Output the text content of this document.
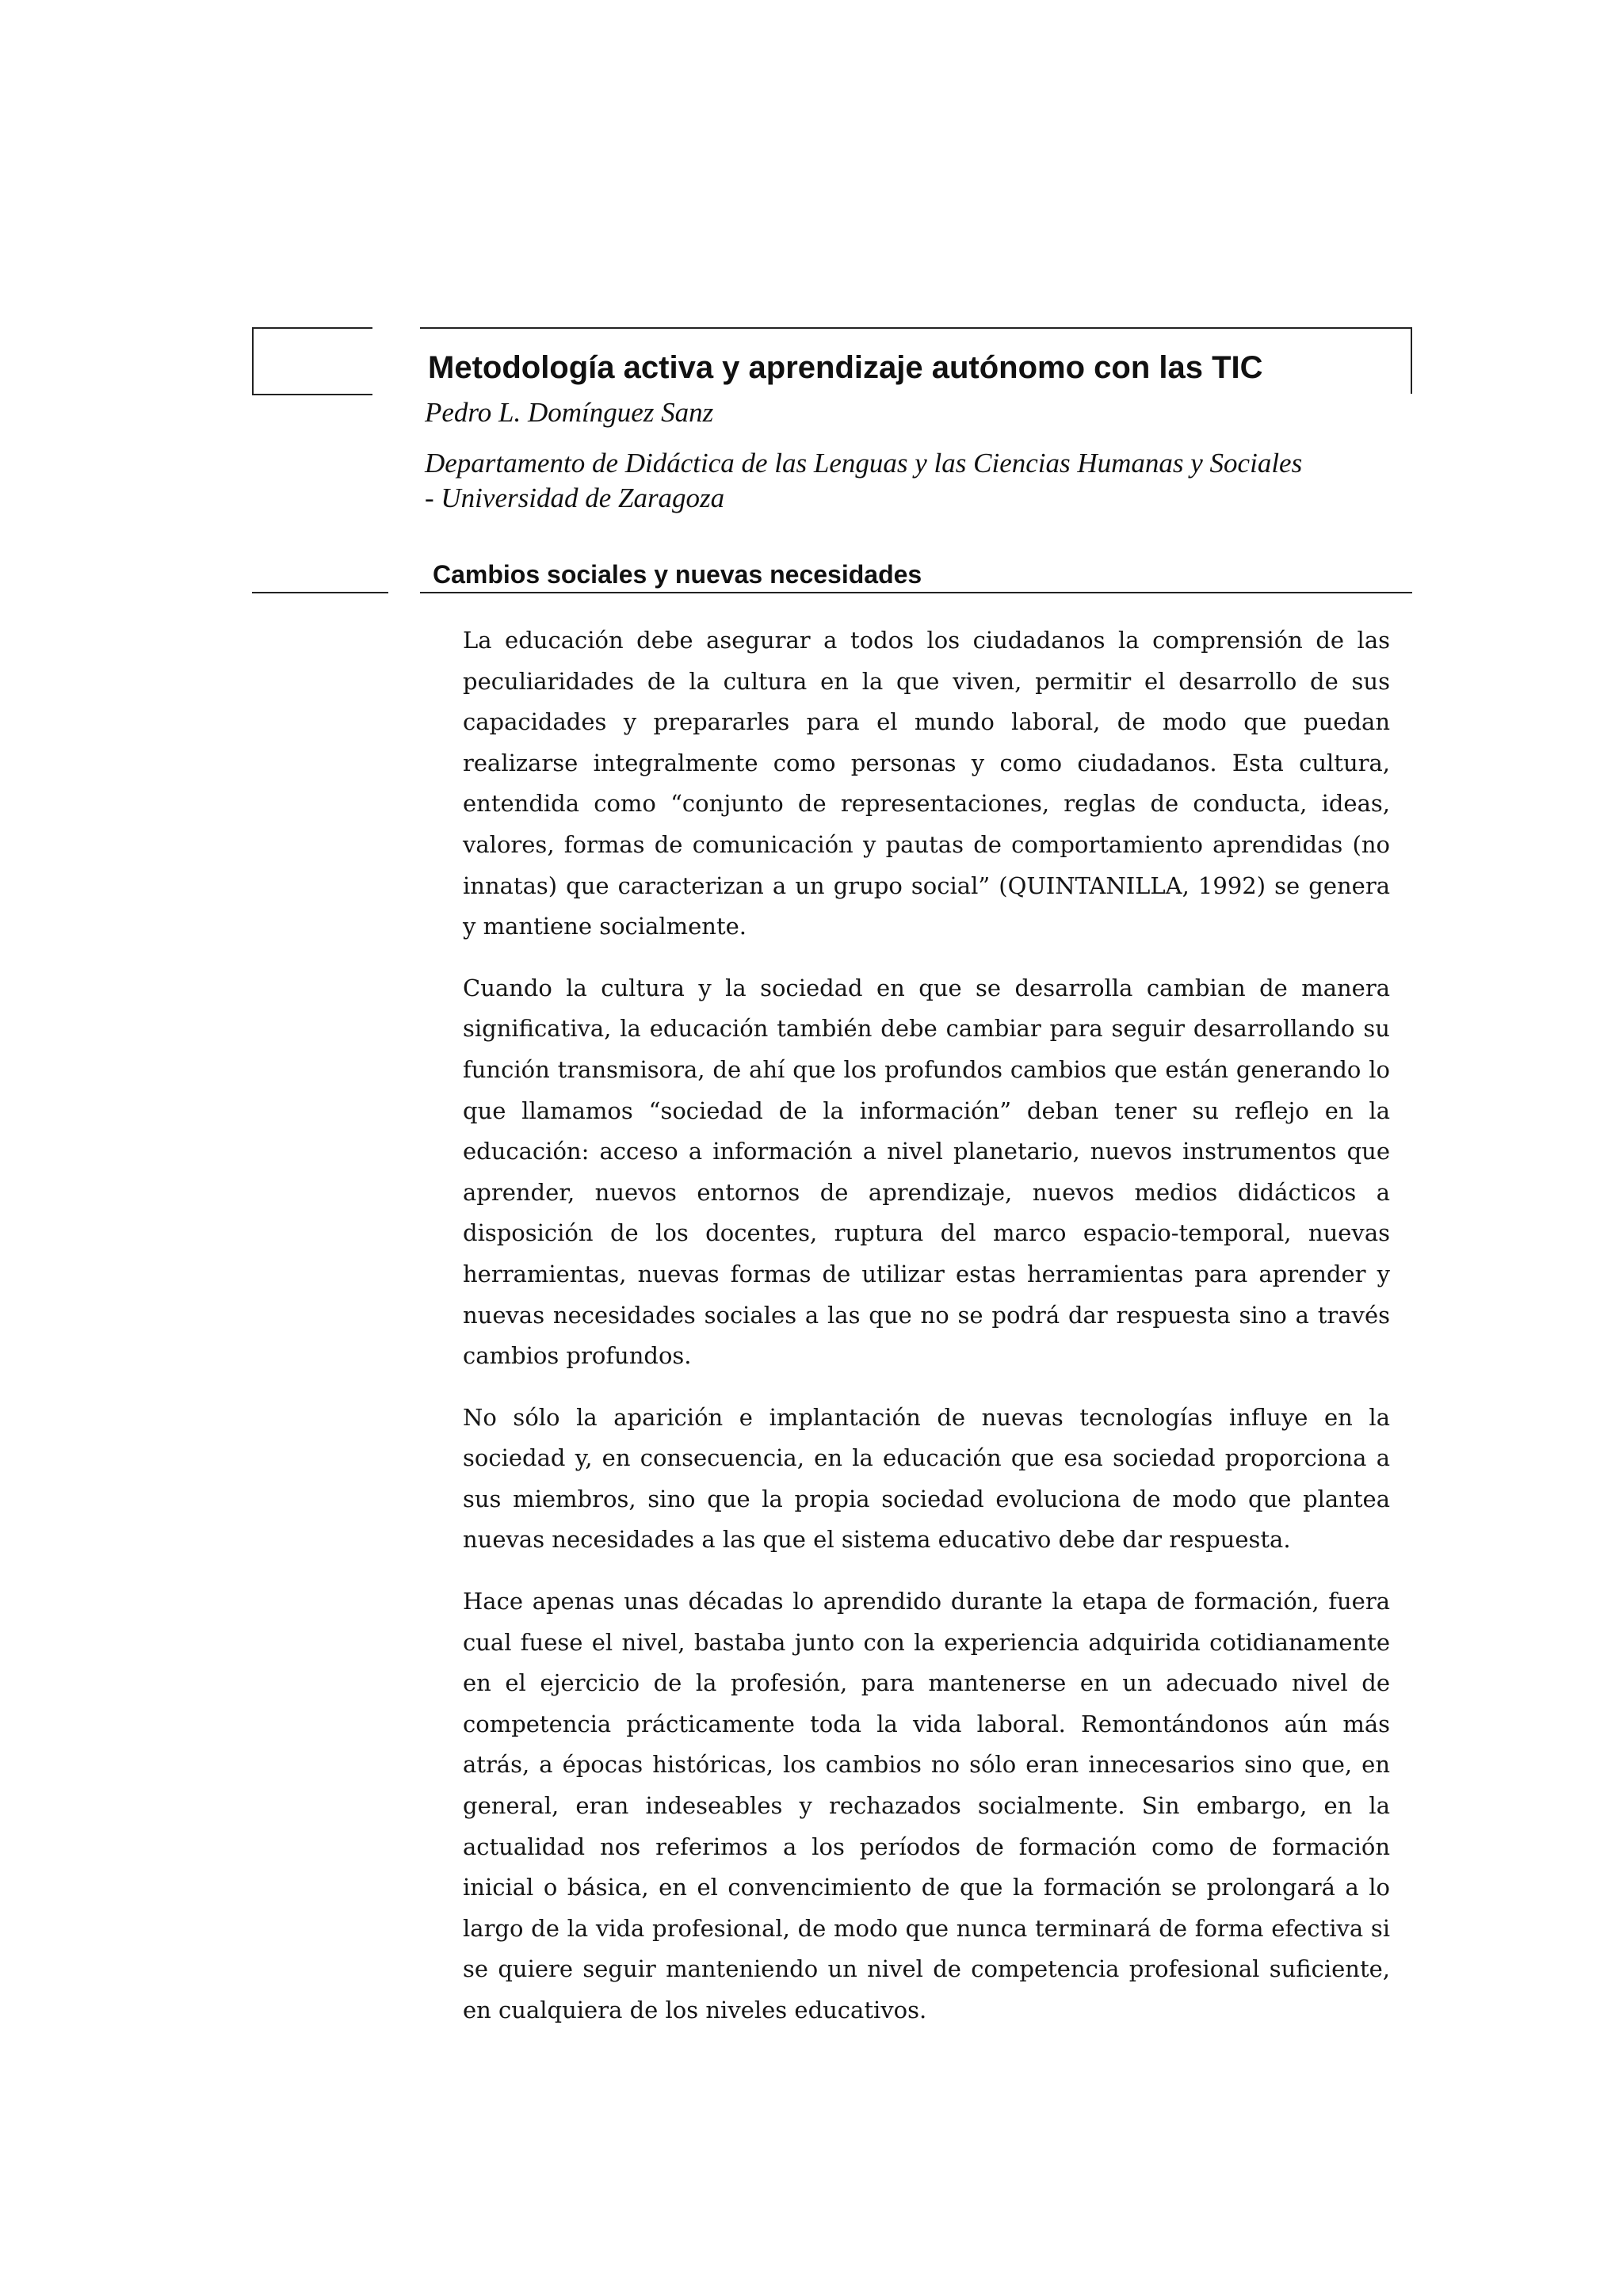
Metodología activa y aprendizaje autónomo con las TIC

Pedro L. Domínguez Sanz

Departamento de Didáctica de las Lenguas y las Ciencias Humanas y Sociales
- Universidad de Zaragoza

Cambios sociales y nuevas necesidades

La educación debe asegurar a todos los ciudadanos la comprensión de las peculiaridades de la cultura en la que viven, permitir el desarrollo de sus capacidades y prepararles para el mundo laboral, de modo que puedan realizarse integralmente como personas y como ciudadanos. Esta cultura, entendida como “conjunto de representaciones, reglas de conducta, ideas, valores, formas de comunicación y pautas de comportamiento aprendidas (no innatas) que caracterizan a un grupo social” (QUINTANILLA, 1992) se genera y mantiene socialmente.

Cuando la cultura y la sociedad en que se desarrolla cambian de manera significativa, la educación también debe cambiar para seguir desarrollando su función transmisora, de ahí que los profundos cambios que están generando lo que llamamos “sociedad de la información” deban tener su reflejo en la educación: acceso a información a nivel planetario, nuevos instrumentos que aprender, nuevos entornos de aprendizaje, nuevos medios didácticos a disposición de los docentes, ruptura del marco espacio-temporal, nuevas herramientas, nuevas formas de utilizar estas herramientas para aprender y nuevas necesidades sociales a las que no se podrá dar respuesta sino a través cambios profundos.

No sólo la aparición e implantación de nuevas tecnologías influye en la sociedad y, en consecuencia, en la educación que esa sociedad proporciona a sus miembros, sino que la propia sociedad evoluciona de modo que plantea nuevas necesidades a las que el sistema educativo debe dar respuesta.

Hace apenas unas décadas lo aprendido durante la etapa de formación, fuera cual fuese el nivel, bastaba junto con la experiencia adquirida cotidianamente en el ejercicio de la profesión, para mantenerse en un adecuado nivel de competencia prácticamente toda la vida laboral. Remontándonos aún más atrás, a épocas históricas, los cambios no sólo eran innecesarios sino que, en general, eran indeseables y rechazados socialmente. Sin embargo, en la actualidad nos referimos a los períodos de formación como de formación inicial o básica, en el convencimiento de que la formación se prolongará a lo largo de la vida profesional, de modo que nunca terminará de forma efectiva si se quiere seguir manteniendo un nivel de competencia profesional suficiente, en cualquiera de los niveles educativos.
